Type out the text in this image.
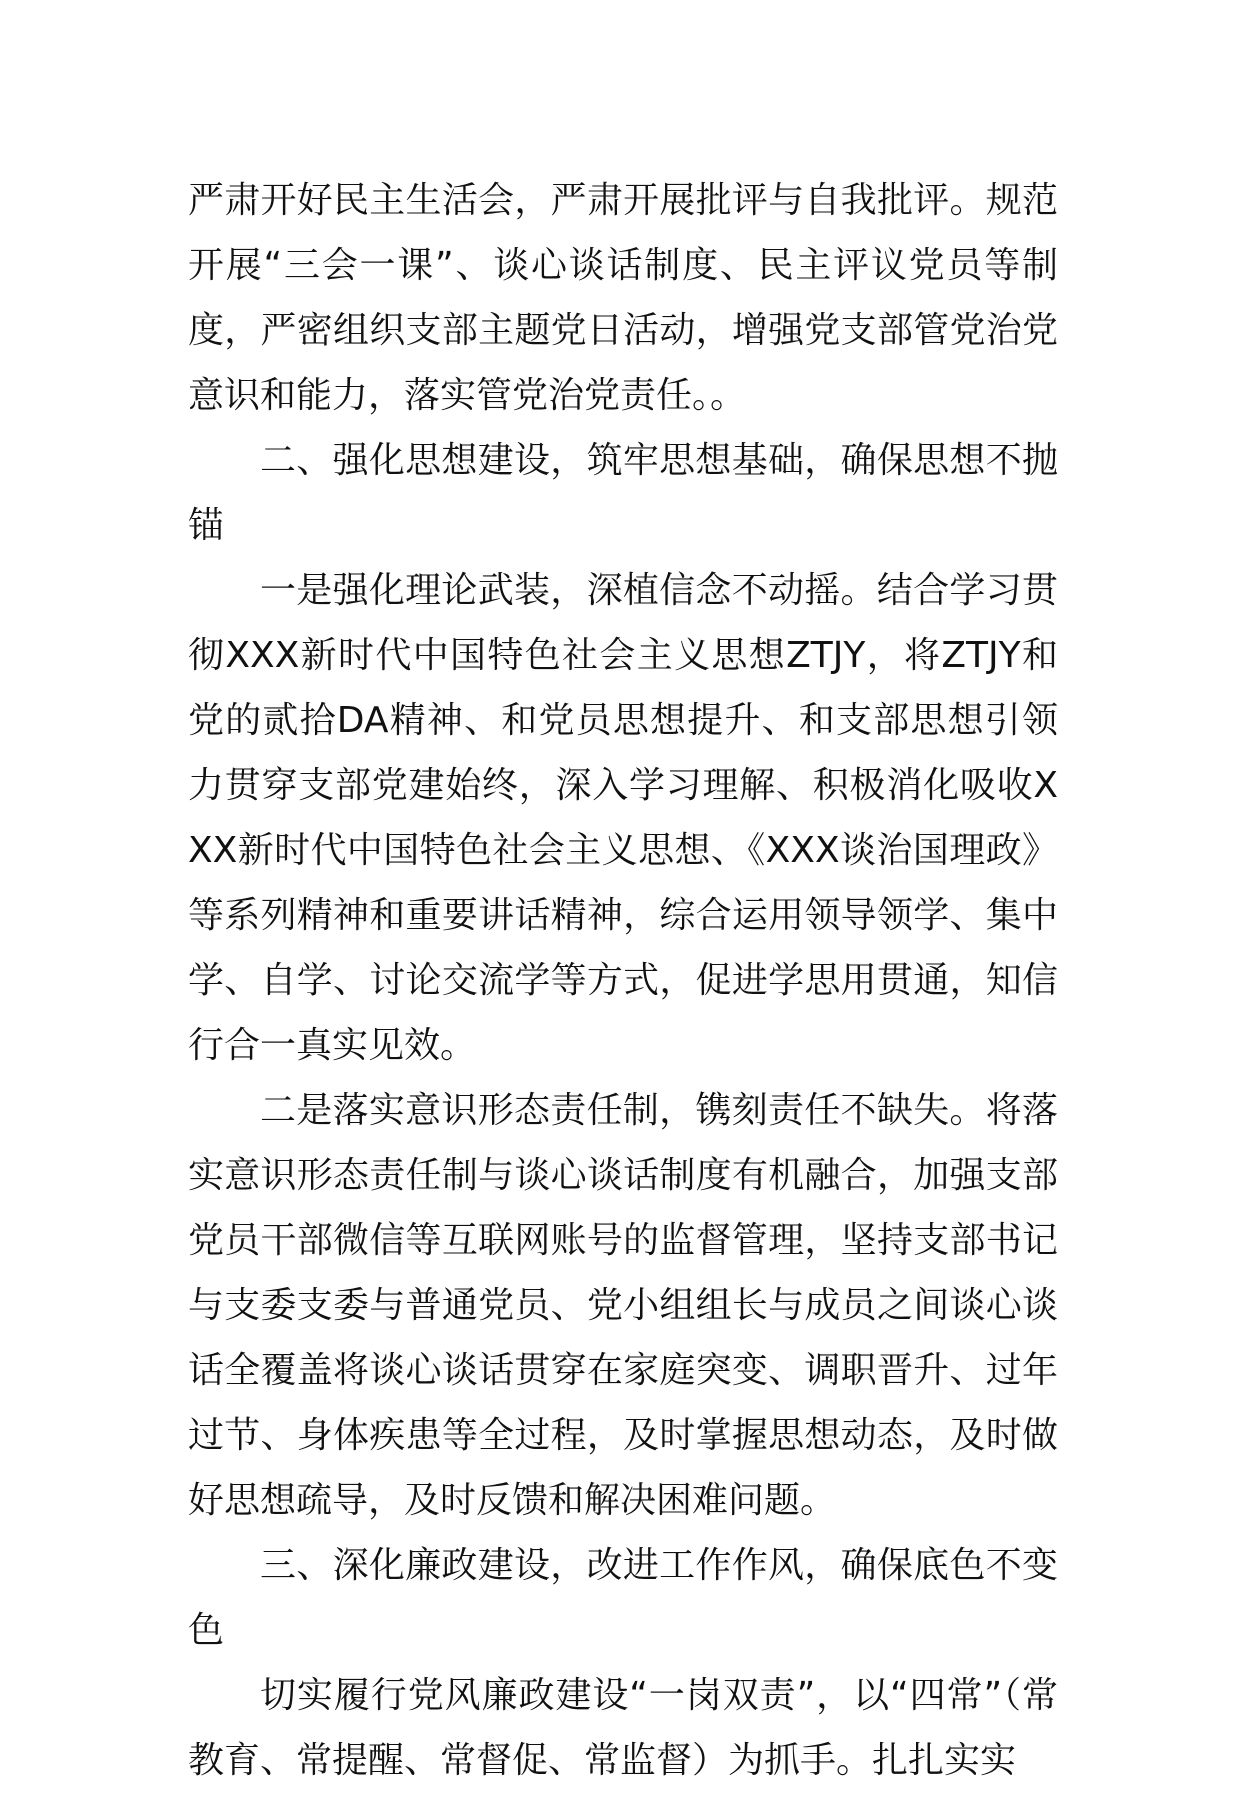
严肃开好民主生活会，严肃开展批评与自我批评。规范开展“三会一课”、谈心谈话制度、民主评议党员等制度，严密组织支部主题党日活动，增强党支部管党治党意识和能力，落实管党治党责任。。

二、强化思想建设，筑牢思想基础，确保思想不抛锚

一是强化理论武装，深植信念不动摇。结合学习贯彻XXX新时代中国特色社会主义思想ZTJY，将ZTJY和党的贰拾DA精神、和党员思想提升、和支部思想引领力贯穿支部党建始终，深入学习理解、积极消化吸收XXX新时代中国特色社会主义思想、《XXX谈治国理政》等系列精神和重要讲话精神，综合运用领导领学、集中学、自学、讨论交流学等方式，促进学思用贯通，知信行合一真实见效。

二是落实意识形态责任制，镌刻责任不缺失。将落实意识形态责任制与谈心谈话制度有机融合，加强支部党员干部微信等互联网账号的监督管理，坚持支部书记与支委支委与普通党员、党小组组长与成员之间谈心谈话全覆盖将谈心谈话贯穿在家庭突变、调职晋升、过年过节、身体疾患等全过程，及时掌握思想动态，及时做好思想疏导，及时反馈和解决困难问题。

三、深化廉政建设，改进工作作风，确保底色不变色

切实履行党风廉政建设“一岗双责”，以“四常”（常教育、常提醒、常督促、常监督）为抓手。扎扎实实
